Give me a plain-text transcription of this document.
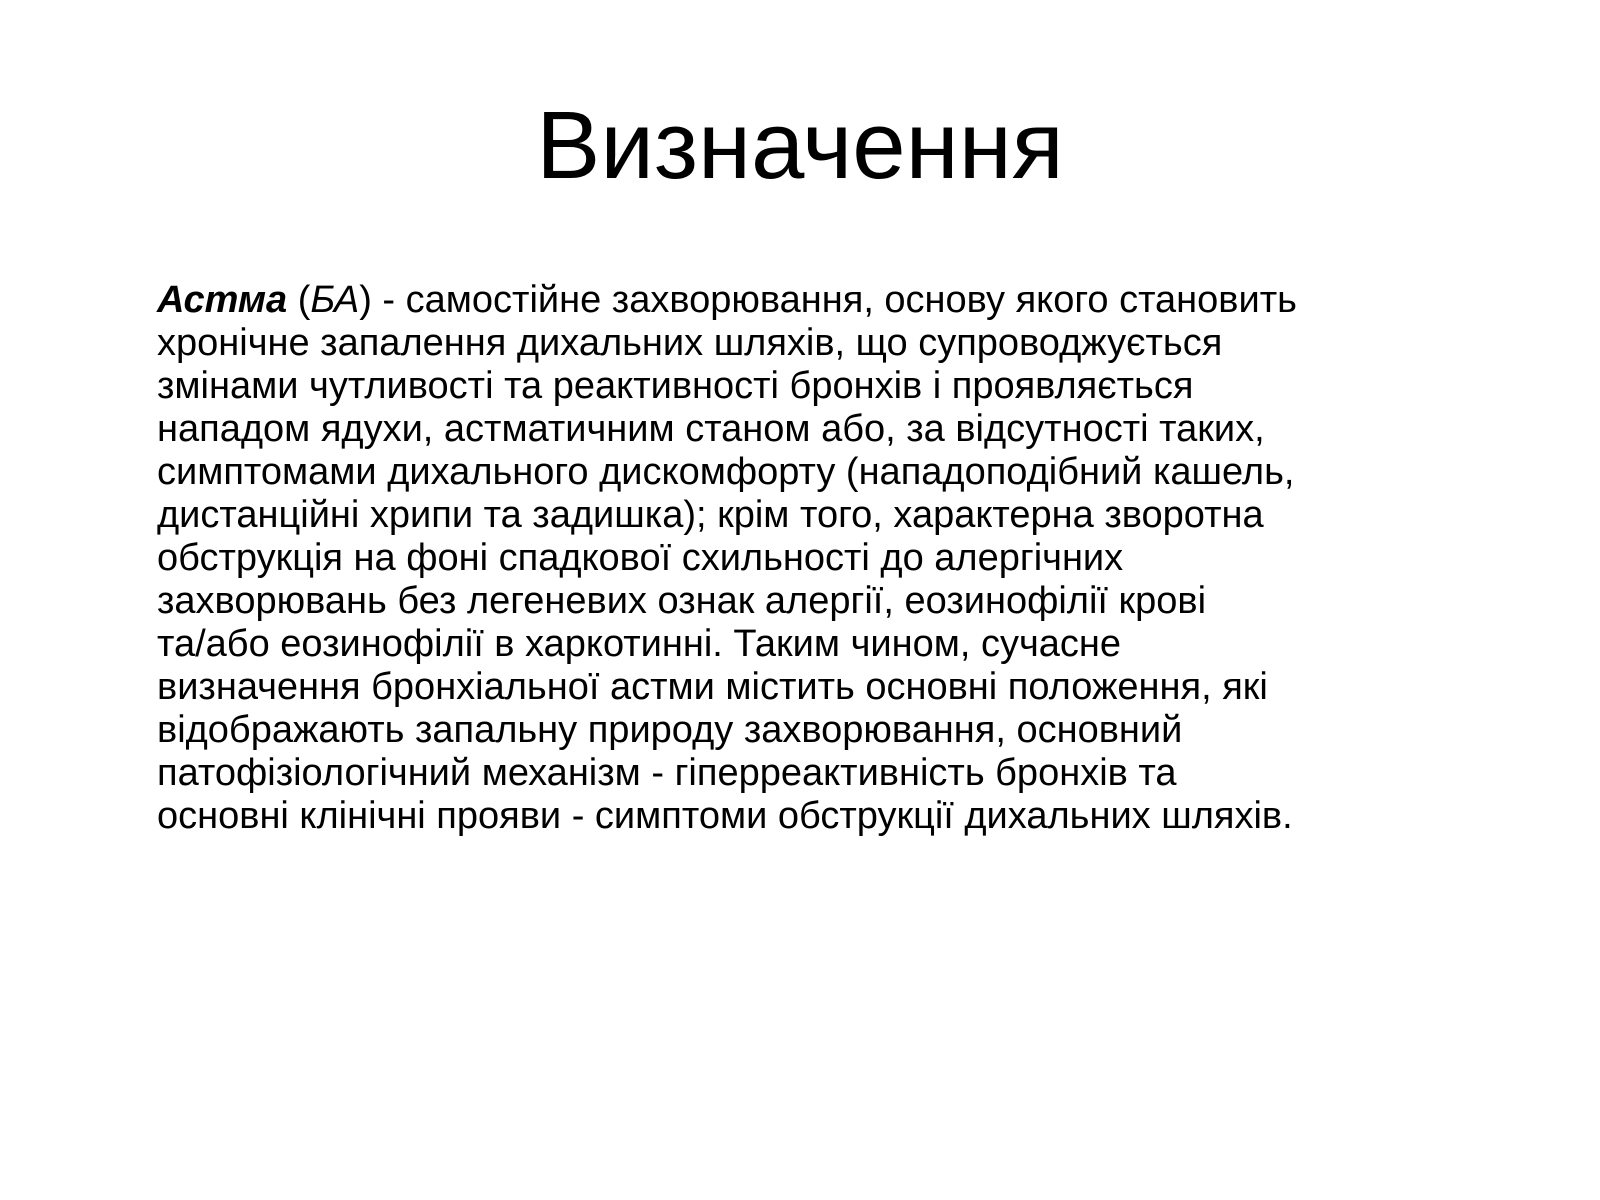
Визначення
Астма (БА) - самостійне захворювання, основу якого становить
хронічне запалення дихальних шляхів, що супроводжується
змінами чутливості та реактивності бронхів і проявляється
нападом ядухи, астматичним станом або, за відсутності таких,
симптомами дихального дискомфорту (нападоподібний кашель,
дистанційні хрипи та задишка); крім того, характерна зворотна
обструкція на фоні спадкової схильності до алергічних
захворювань без легеневих ознак алергії, еозинофілії крові
та/або еозинофілії в харкотинні. Таким чином, сучасне
визначення бронхіальної астми містить основні положення, які
відображають запальну природу захворювання, основний
патофізіологічний механізм - гіперреактивність бронхів та
основні клінічні прояви - симптоми обструкції дихальних шляхів.
